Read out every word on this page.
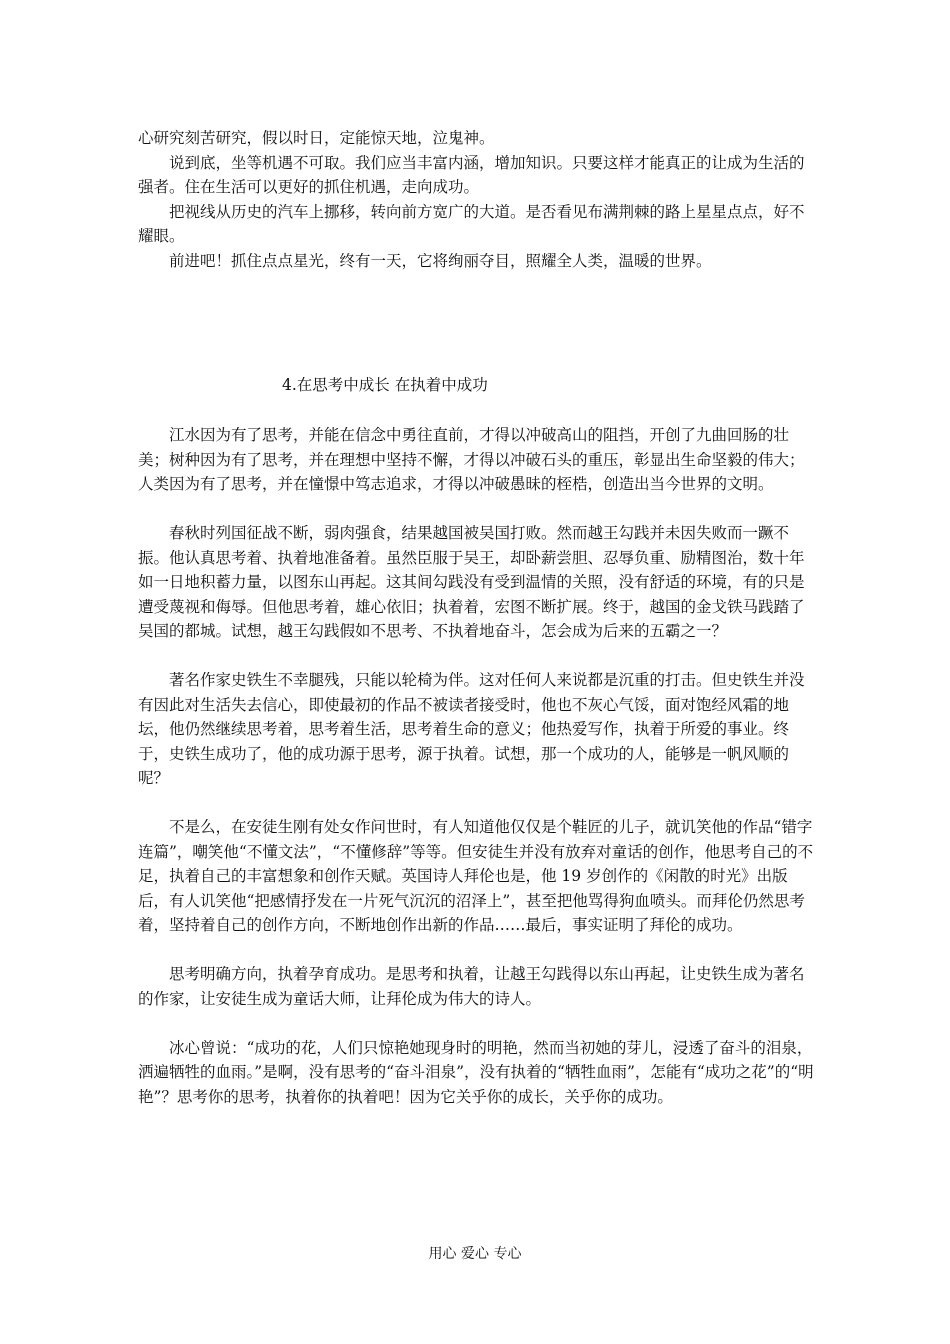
心研究刻苦研究，假以时日，定能惊天地，泣鬼神。

说到底，坐等机遇不可取。我们应当丰富内涵，增加知识。只要这样才能真正的让成为生活的强者。住在生活可以更好的抓住机遇，走向成功。

把视线从历史的汽车上挪移，转向前方宽广的大道。是否看见布满荆棘的路上星星点点，好不耀眼。

前进吧！抓住点点星光，终有一天，它将绚丽夺目，照耀全人类，温暖的世界。

4.在思考中成长 在执着中成功

江水因为有了思考，并能在信念中勇往直前，才得以冲破高山的阻挡，开创了九曲回肠的壮美；树种因为有了思考，并在理想中坚持不懈，才得以冲破石头的重压，彰显出生命坚毅的伟大；人类因为有了思考，并在憧憬中笃志追求，才得以冲破愚昧的桎梏，创造出当今世界的文明。

春秋时列国征战不断，弱肉强食，结果越国被吴国打败。然而越王勾践并未因失败而一蹶不振。他认真思考着、执着地准备着。虽然臣服于吴王，却卧薪尝胆、忍辱负重、励精图治，数十年如一日地积蓄力量，以图东山再起。这其间勾践没有受到温情的关照，没有舒适的环境，有的只是遭受蔑视和侮辱。但他思考着，雄心依旧；执着着，宏图不断扩展。终于，越国的金戈铁马践踏了吴国的都城。试想，越王勾践假如不思考、不执着地奋斗，怎会成为后来的五霸之一？

著名作家史铁生不幸腿残，只能以轮椅为伴。这对任何人来说都是沉重的打击。但史铁生并没有因此对生活失去信心，即使最初的作品不被读者接受时，他也不灰心气馁，面对饱经风霜的地坛，他仍然继续思考着，思考着生活，思考着生命的意义；他热爱写作，执着于所爱的事业。终于，史铁生成功了，他的成功源于思考，源于执着。试想，那一个成功的人，能够是一帆风顺的呢？

不是么，在安徒生刚有处女作问世时，有人知道他仅仅是个鞋匠的儿子，就讥笑他的作品“错字连篇”，嘲笑他“不懂文法”，“不懂修辞”等等。但安徒生并没有放弃对童话的创作，他思考自己的不足，执着自己的丰富想象和创作天赋。英国诗人拜伦也是，他 19 岁创作的《闲散的时光》出版后，有人讥笑他“把感情抒发在一片死气沉沉的沼泽上”，甚至把他骂得狗血喷头。而拜伦仍然思考着，坚持着自己的创作方向，不断地创作出新的作品……最后，事实证明了拜伦的成功。

思考明确方向，执着孕育成功。是思考和执着，让越王勾践得以东山再起，让史铁生成为著名的作家，让安徒生成为童话大师，让拜伦成为伟大的诗人。

冰心曾说：“成功的花，人们只惊艳她现身时的明艳，然而当初她的芽儿，浸透了奋斗的泪泉，洒遍牺牲的血雨。”是啊，没有思考的“奋斗泪泉”，没有执着的“牺牲血雨”，怎能有“成功之花”的“明艳”？思考你的思考，执着你的执着吧！因为它关乎你的成长，关乎你的成功。

用心 爱心 专心
